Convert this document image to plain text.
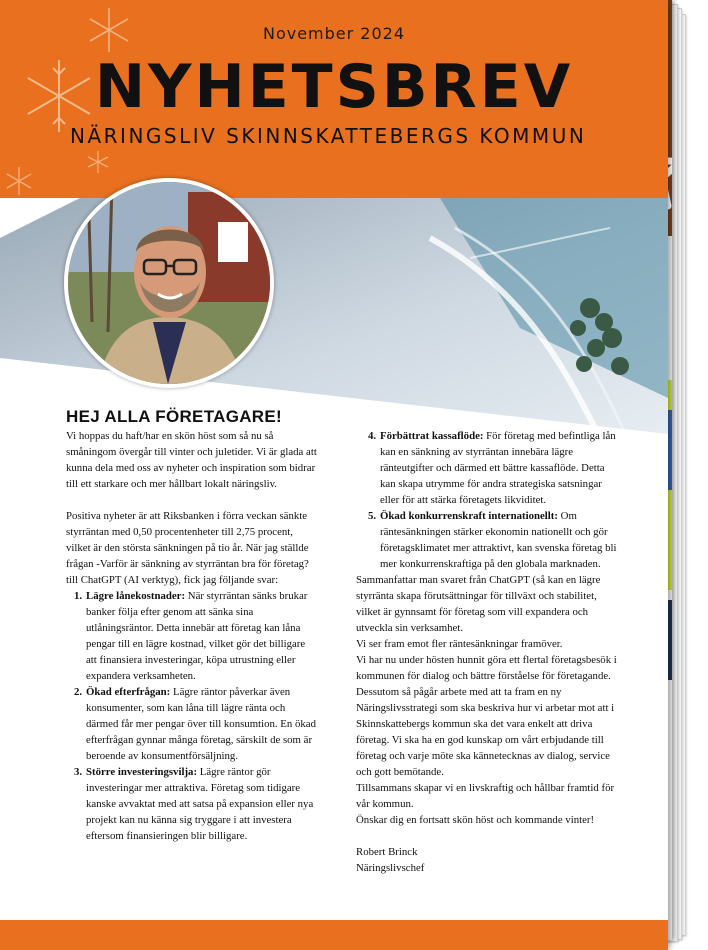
November 2024
NYHETSBREV
NÄRINGSLIV SKINNSKATTEBERGS KOMMUN
HEJ ALLA FÖRETAGARE!

Vi hoppas du haft/har en skön höst som så nu så småningom övergår till vinter och juletider. Vi är glada att kunna dela med oss av nyheter och inspiration som bidrar till ett starkare och mer hållbart lokalt näringsliv.

Positiva nyheter är att Riksbanken i förra veckan sänkte styrräntan med 0,50 procentenheter till 2,75 procent, vilket är den största sänkningen på tio år. När jag ställde frågan -Varför är sänkning av styrräntan bra för företag? till ChatGPT (AI verktyg), fick jag följande svar:

1. Lägre lånekostnader: När styrräntan sänks brukar banker följa efter genom att sänka sina utlåningsräntor. Detta innebär att företag kan låna pengar till en lägre kostnad, vilket gör det billigare att finansiera investeringar, köpa utrustning eller expandera verksamheten.
2. Ökad efterfrågan: Lägre räntor påverkar även konsumenter, som kan låna till lägre ränta och därmed får mer pengar över till konsumtion. En ökad efterfrågan gynnar många företag, särskilt de som är beroende av konsumentförsäljning.
3. Större investeringsvilja: Lägre räntor gör investeringar mer attraktiva. Företag som tidigare kanske avvaktat med att satsa på expansion eller nya projekt kan nu känna sig tryggare i att investera eftersom finansieringen blir billigare.
4. Förbättrat kassaflöde: För företag med befintliga lån kan en sänkning av styrräntan innebära lägre ränteutgifter och därmed ett bättre kassaflöde. Detta kan skapa utrymme för andra strategiska satsningar eller för att stärka företagets likviditet.
5. Ökad konkurrenskraft internationellt: Om räntesänkningen stärker ekonomin nationellt och gör företagsklimatet mer attraktivt, kan svenska företag bli mer konkurrenskraftiga på den globala marknaden.

Sammanfattar man svaret från ChatGPT (så kan en lägre styrränta skapa förutsättningar för tillväxt och stabilitet, vilket är gynnsamt för företag som vill expandera och utveckla sin verksamhet.

Vi ser fram emot fler räntesänkningar framöver.

Vi har nu under hösten hunnit göra ett flertal företagsbesök i kommunen för dialog och bättre förståelse för företagande. Dessutom så pågår arbete med att ta fram en ny Näringslivsstrategi som ska beskriva hur vi arbetar mot att i Skinnskattebergs kommun ska det vara enkelt att driva företag. Vi ska ha en god kunskap om vårt erbjudande till företag och varje möte ska kännetecknas av dialog, service och gott bemötande.

Tillsammans skapar vi en livskraftig och hållbar framtid för vår kommun.

Önskar dig en fortsatt skön höst och kommande vinter!

Robert Brinck

Näringslivschef
